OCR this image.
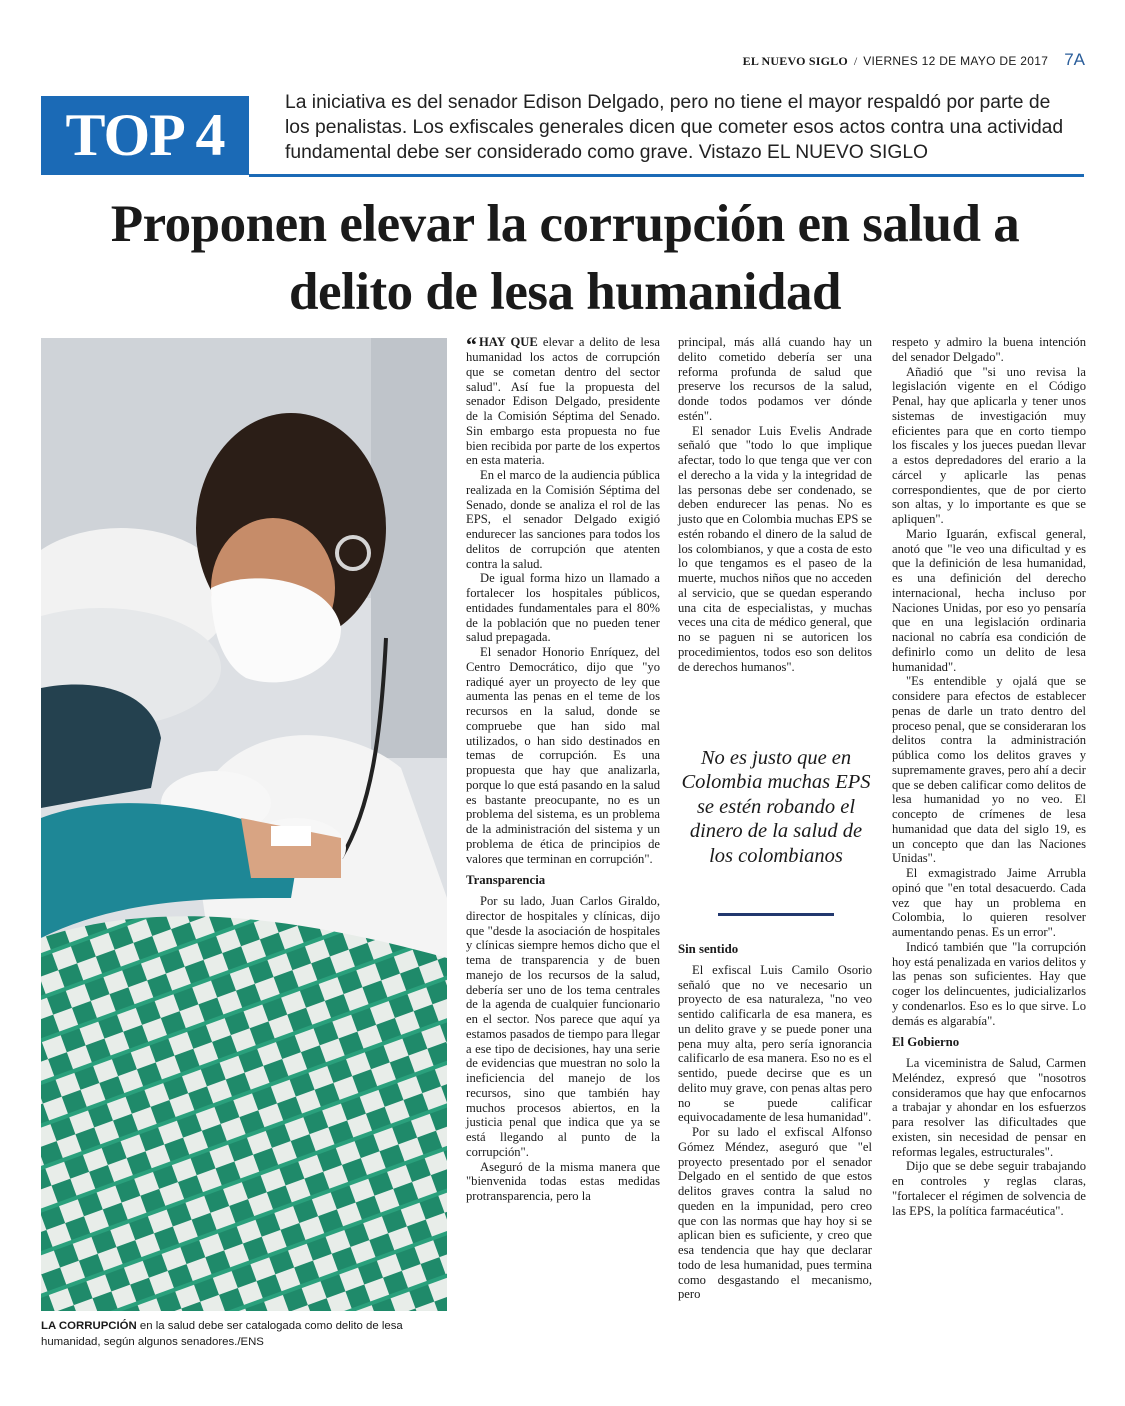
EL NUEVO SIGLO / VIERNES 12 DE MAYO DE 2017 7A
TOP 4	La iniciativa es del senador Edison Delgado, pero no tiene el mayor respaldó por parte de los penalistas. Los exfiscales generales dicen que cometer esos actos contra una actividad fundamental debe ser considerado como grave. Vistazo EL NUEVO SIGLO
Proponen elevar la corrupción en salud a delito de lesa humanidad
LA CORRUPCIÓN en la salud debe ser catalogada como delito de lesa humanidad, según algunos senadores./ENS

“ HAY QUE elevar a delito de lesa humanidad los actos de corrupción que se cometan dentro del sector salud". Así fue la propuesta del senador Edison Delgado, presidente de la Comisión Séptima del Senado. Sin embargo esta propuesta no fue bien recibida por parte de los expertos en esta materia.

En el marco de la audiencia pública realizada en la Comisión Séptima del Senado, donde se analiza el rol de las EPS, el senador Delgado exigió endurecer las sanciones para todos los delitos de corrupción que atenten contra la salud.

De igual forma hizo un llamado a fortalecer los hospitales públicos, entidades fundamentales para el 80% de la población que no pueden tener salud prepagada.

El senador Honorio Enríquez, del Centro Democrático, dijo que "yo radiqué ayer un proyecto de ley que aumenta las penas en el teme de los recursos en la salud, donde se compruebe que han sido mal utilizados, o han sido destinados en temas de corrupción. Es una propuesta que hay que analizarla, porque lo que está pasando en la salud es bastante preocupante, no es un problema del sistema, es un problema de la administración del sistema y un problema de ética de principios de valores que terminan en corrupción".

Transparencia

Por su lado, Juan Carlos Giraldo, director de hospitales y clínicas, dijo que "desde la asociación de hospitales y clínicas siempre hemos dicho que el tema de transparencia y de buen manejo de los recursos de la salud, debería ser uno de los tema centrales de la agenda de cualquier funcionario en el sector. Nos parece que aquí ya estamos pasados de tiempo para llegar a ese tipo de decisiones, hay una serie de evidencias que muestran no solo la ineficiencia del manejo de los recursos, sino que también hay muchos procesos abiertos, en la justicia penal que indica que ya se está llegando al punto de la corrupción".

Aseguró de la misma manera que "bienvenida todas estas medidas protransparencia, pero la

principal, más allá cuando hay un delito cometido debería ser una reforma profunda de salud que preserve los recursos de la salud, donde todos podamos ver dónde estén".

El senador Luis Evelis Andrade señaló que "todo lo que implique afectar, todo lo que tenga que ver con el derecho a la vida y la integridad de las personas debe ser condenado, se deben endurecer las penas. No es justo que en Colombia muchas EPS se estén robando el dinero de la salud de los colombianos, y que a costa de esto lo que tengamos es el paseo de la muerte, muchos niños que no acceden al servicio, que se quedan esperando una cita de especialistas, y muchas veces una cita de médico general, que no se paguen ni se autoricen los procedimientos, todos eso son delitos de derechos humanos".

No es justo que en Colombia muchas EPS se estén robando el dinero de la salud de los colombianos
Sin sentido

El exfiscal Luis Camilo Osorio señaló que no ve necesario un proyecto de esa naturaleza, "no veo sentido calificarla de esa manera, es un delito grave y se puede poner una pena muy alta, pero sería ignorancia calificarlo de esa manera. Eso no es el sentido, puede decirse que es un delito muy grave, con penas altas pero no se puede calificar equivocadamente de lesa humanidad".

Por su lado el exfiscal Alfonso Gómez Méndez, aseguró que "el proyecto presentado por el senador Delgado en el sentido de que estos delitos graves contra la salud no queden en la impunidad, pero creo que con las normas que hay hoy si se aplican bien es suficiente, y creo que esa tendencia que hay que declarar todo de lesa humanidad, pues termina como desgastando el mecanismo, pero

respeto y admiro la buena intención del senador Delgado".

Añadió que "si uno revisa la legislación vigente en el Código Penal, hay que aplicarla y tener unos sistemas de investigación muy eficientes para que en corto tiempo los fiscales y los jueces puedan llevar a estos depredadores del erario a la cárcel y aplicarle las penas correspondientes, que de por cierto son altas, y lo importante es que se apliquen".

Mario Iguarán, exfiscal general, anotó que "le veo una dificultad y es que la definición de lesa humanidad, es una definición del derecho internacional, hecha incluso por Naciones Unidas, por eso yo pensaría que en una legislación ordinaria nacional no cabría esa condición de definirlo como un delito de lesa humanidad".

"Es entendible y ojalá que se considere para efectos de establecer penas de darle un trato dentro del proceso penal, que se consideraran los delitos contra la administración pública como los delitos graves y supremamente graves, pero ahí a decir que se deben calificar como delitos de lesa humanidad yo no veo. El concepto de crímenes de lesa humanidad que data del siglo 19, es un concepto que dan las Naciones Unidas".

El exmagistrado Jaime Arrubla opinó que "en total desacuerdo. Cada vez que hay un problema en Colombia, lo quieren resolver aumentando penas. Es un error".

Indicó también que "la corrupción hoy está penalizada en varios delitos y las penas son suficientes. Hay que coger los delincuentes, judicializarlos y condenarlos. Eso es lo que sirve. Lo demás es algarabía".

El Gobierno

La viceministra de Salud, Carmen Meléndez, expresó que "nosotros consideramos que hay que enfocarnos a trabajar y ahondar en los esfuerzos para resolver las dificultades que existen, sin necesidad de pensar en reformas legales, estructurales".

Dijo que se debe seguir trabajando en controles y reglas claras, "fortalecer el régimen de solvencia de las EPS, la política farmacéutica".
